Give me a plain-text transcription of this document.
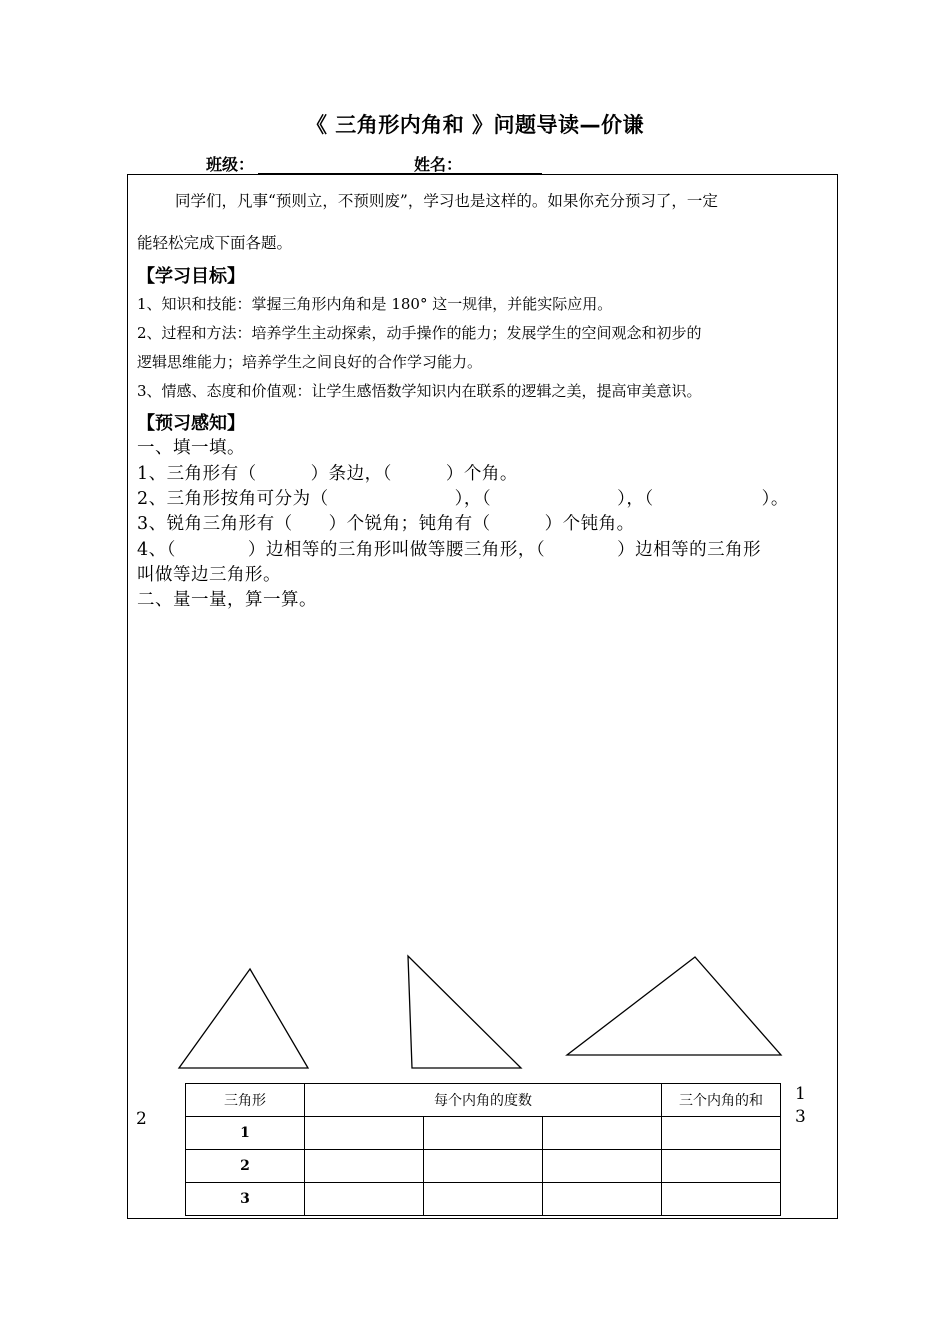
《 三角形内角和 》问题导读—价谦
班级：	姓名：
同学们，凡事“预则立，不预则废”，学习也是这样的。如果你充分预习了，一定
能轻松完成下面各题。
【学习目标】
1、知识和技能：掌握三角形内角和是 180° 这一规律，并能实际应用。
2、过程和方法：培养学生主动探索，动手操作的能力；发展学生的空间观念和初步的
逻辑思维能力；培养学生之间良好的合作学习能力。
3、情感、态度和价值观：让学生感悟数学知识内在联系的逻辑之美，提高审美意识。
【预习感知】
一、填一填。
1、三角形有（　　　）条边，（　　　）个角。
2、三角形按角可分为（　　　　　　　），（　　　　　　　），（　　　　　　）。
3、锐角三角形有（　　）个锐角；钝角有（　　　）个钝角。
4、（　　　　）边相等的三角形叫做等腰三角形，（　　　　）边相等的三角形
叫做等边三角形。
二、量一量，算一算。
2
1
3
三角形	每个内角的度数			三个内角的和
1				
2				
3				
